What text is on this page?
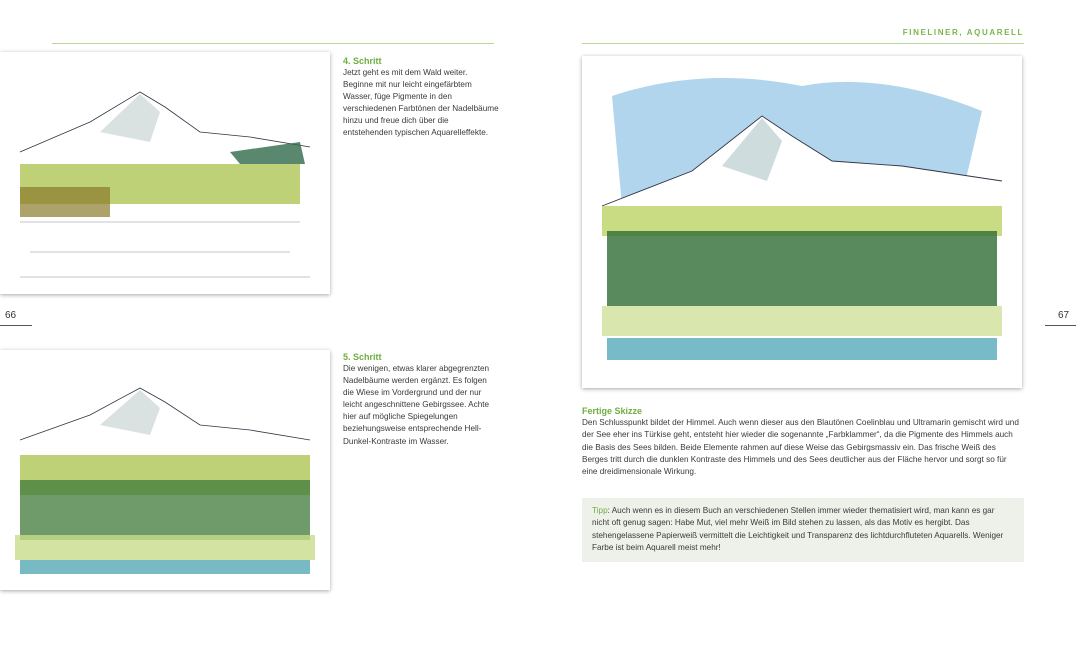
FINELINER, AQUARELL
66	67
4. Schritt
Jetzt geht es mit dem Wald weiter. Beginne mit nur leicht eingefärbtem Wasser, füge Pigmente in den verschiedenen Farbtönen der Nadelbäume hinzu und freue dich über die entstehenden typischen Aquarelleffekte.
5. Schritt
Die wenigen, etwas klarer abgegrenzten Nadelbäume werden ergänzt. Es folgen die Wiese im Vordergrund und der nur leicht angeschnittene Gebirgssee. Achte hier auf mögliche Spiegelungen beziehungsweise entsprechende Hell-Dunkel-Kontraste im Wasser.
Fertige Skizze
Den Schlusspunkt bildet der Himmel. Auch wenn dieser aus den Blautönen Coelinblau und Ultramarin gemischt wird und der See eher ins Türkise geht, entsteht hier wieder die sogenannte „Farbklammer“, da die Pigmente des Himmels auch die Basis des Sees bilden. Beide Elemente rahmen auf diese Weise das Gebirgsmassiv ein. Das frische Weiß des Berges tritt durch die dunklen Kontraste des Himmels und des Sees deutlicher aus der Fläche hervor und sorgt so für eine dreidimensionale Wirkung.
Tipp: Auch wenn es in diesem Buch an verschiedenen Stellen immer wieder thematisiert wird, man kann es gar nicht oft genug sagen: Habe Mut, viel mehr Weiß im Bild stehen zu lassen, als das Motiv es hergibt. Das stehengelassene Papierweiß vermittelt die Leichtigkeit und Transparenz des lichtdurchfluteten Aquarells. Weniger Farbe ist beim Aquarell meist mehr!
